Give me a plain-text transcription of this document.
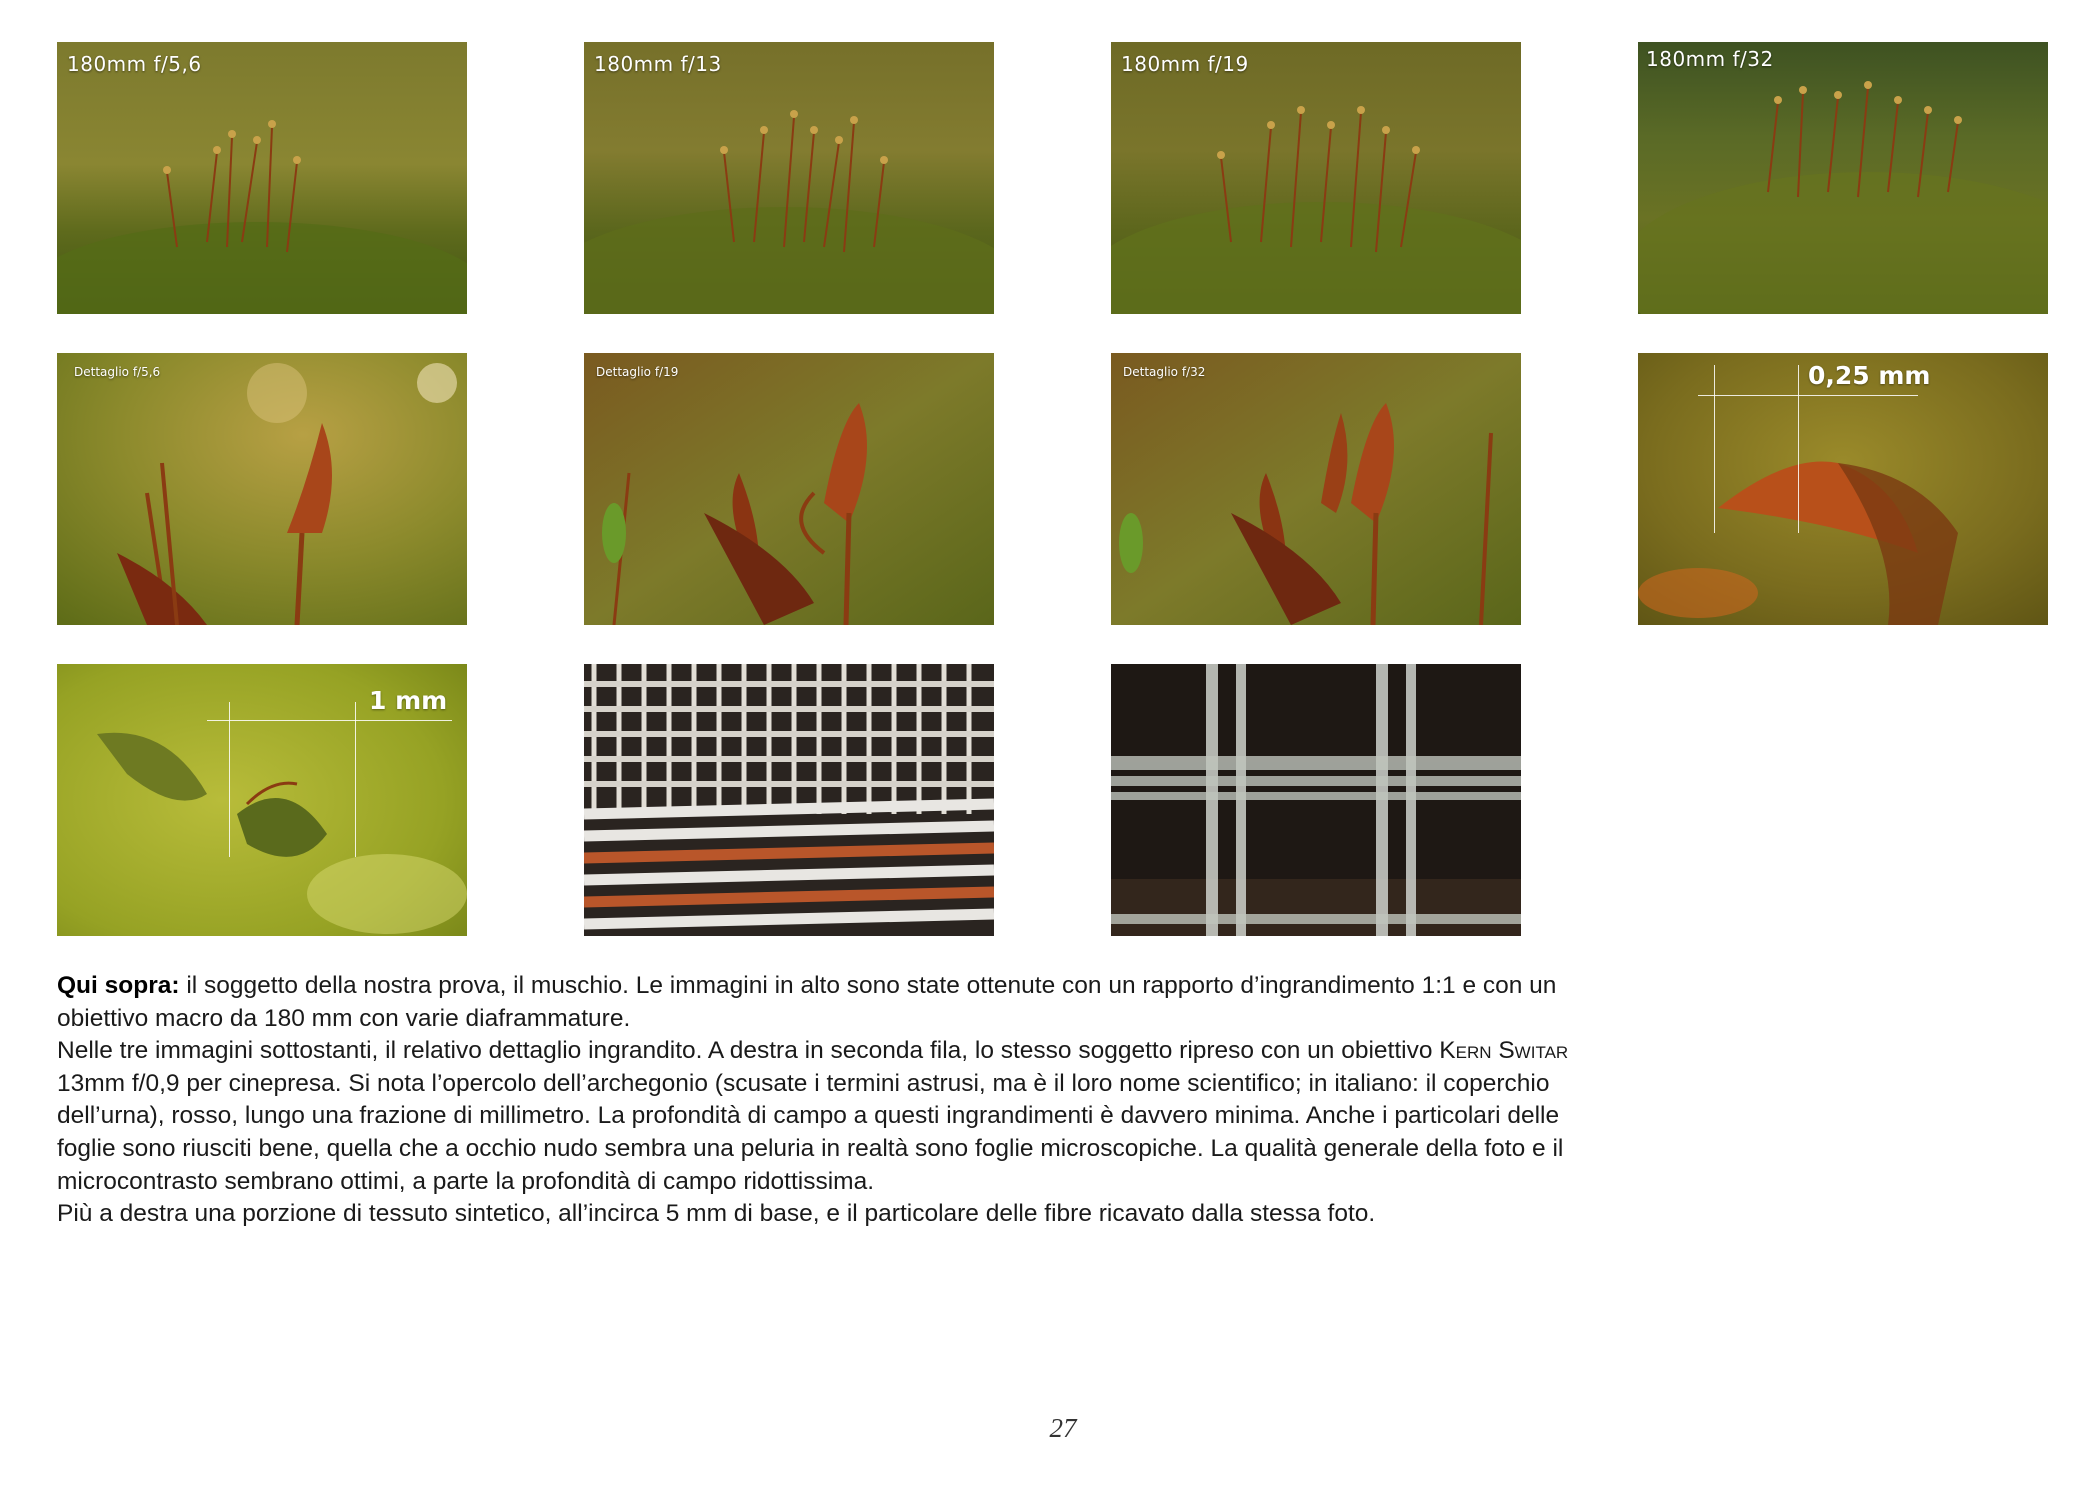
180mm f/5,6	180mm f/13	180mm f/19	180mm f/32
Dettaglio f/5,6	Dettaglio f/19	Dettaglio f/32	0,25 mm
1 mm

Qui sopra: il soggetto della nostra prova, il muschio. Le immagini in alto sono state ottenute con un rapporto d’ingrandimento 1:1 e con un obiettivo macro da 180 mm con varie diaframmature.

Nelle tre immagini sottostanti, il relativo dettaglio ingrandito. A destra in seconda fila, lo stesso soggetto ripreso con un obiettivo Kern Switar 13mm f/0,9 per cinepresa. Si nota l’opercolo dell’archegonio (scusate i termini astrusi, ma è il loro nome scientifico; in italiano: il coperchio dell’urna), rosso, lungo una frazione di millimetro. La profondità di campo a questi ingrandimenti è davvero minima. Anche i particolari delle foglie sono riusciti bene, quella che a occhio nudo sembra una peluria in realtà sono foglie microscopiche. La qualità generale della foto e il microcontrasto sembrano ottimi, a parte la profondità di campo ridottissima.

Più a destra una porzione di tessuto sintetico, all’incirca 5 mm di base, e il particolare delle fibre ricavato dalla stessa foto.

27
